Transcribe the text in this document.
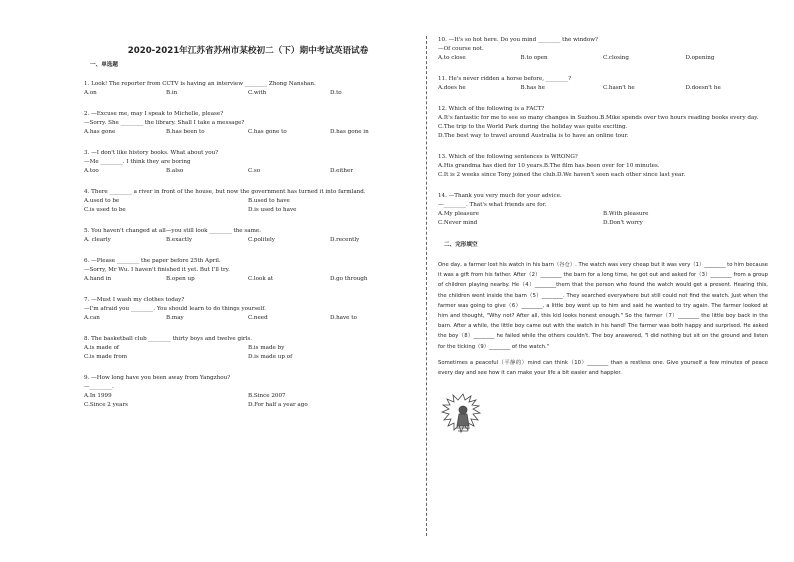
2020-2021年江苏省苏州市某校初二（下）期中考试英语试卷
一、单选题
1. Look! The reporter from CCTV is having an interview ________ Zhong Nanshan.
A.on	B.in	C.with	D.to
2. —Excuse me, may I speak to Michelle, please?
—Sorry. She ________ the library. Shall I take a message?
A.has gone	B.has been to	C.has gone to	D.has gone in
3. —I don't like history books. What about you?
—Me ________. I think they are boring
A.too	B.also	C.so	D.either
4. There ________ a river in front of the house, but now the government has turned it into farmland.
A.used to be	B.used to have
C.is used to be	D.is used to have
5. You haven't changed at all—you still look ________ the same.
A. clearly	B.exactly	C.politely	D.recently
6. —Please ________ the paper before 25th April.
—Sorry, Mr Wu. I haven't finished it yet. But I'll try.
A.hand in	B.open up	C.look at	D.go through
7. —Must I wash my clothes today?
—I'm afraid you ________. You should learn to do things yourself.
A.can	B.may	C.need	D.have to
8. The basketball club ________ thirty boys and twelve girls.
A.is made of	B.is made by
C.is made from	D.is made up of
9. —How long have you been away from Yangzhou?
—________.
A.In 1999	B.Since 2007
C.Since 2 years	D.For half a year ago
10. —It's so hot here. Do you mind ________ the window?
—Of course not.
A.to close	B.to open	C.closing	D.opening
11. He's never ridden a horse before, ________?
A.does he	B.has he	C.hasn't he	D.doesn't he
12. Which of the following is a FACT?
A.It's fantastic for me to see so many changes in Suzhou. B.Mike spends over two hours reading books every day.
C.The trip to the World Park during the holiday was quite exciting.
D.The best way to travel around Australia is to have an online tour.
13. Which of the following sentences is WRONG?
A.His grandma has died for 10 years. B.The film has been over for 10 minutes.
C.It is 2 weeks since Tony joined the club. D.We haven't seen each other since last year.
14. —Thank you very much for your advice.
—________. That's what friends are for.
A.My pleasure	B.With pleasure
C.Never mind	D.Don't worry
二、完形填空

One day, a farmer lost his watch in his barn（谷仓）. The watch was very cheap but it was very（1）________ to him because it was a gift from his father. After（2）________ the barn for a long time, he got out and asked for（3）________ from a group of children playing nearby. He（4）________them that the person who found the watch would get a present. Hearing this, the children went inside the barn（5）________. They searched everywhere but still could not find the watch. Just when the farmer was going to give（6）________, a little boy went up to him and said he wanted to try again. The farmer looked at him and thought, "Why not? After all, this kid looks honest enough." So the farmer（7）________ the little boy back in the barn. After a while, the little boy came out with the watch in his hand! The farmer was both happy and surprised. He asked the boy（8）________ he failed while the others couldn't. The boy answered, "I did nothing but sit on the ground and listen for the ticking（9）________ of the watch."

Sometimes a peaceful（平静的）mind can think（10）________ than a restless one. Give yourself a few minutes of peace every day and see how it can make your life a bit easier and happier.
